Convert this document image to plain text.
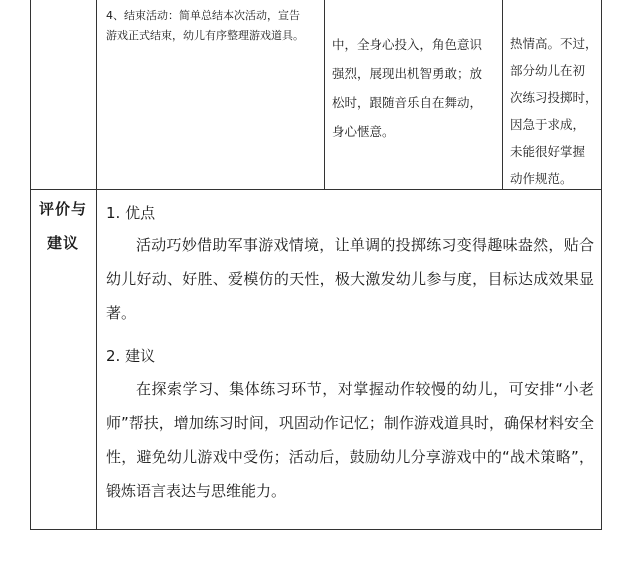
4、结束活动：简单总结本次活动，宣告
游戏正式结束，幼儿有序整理游戏道具。
中，全身心投入，角色意识
强烈，展现出机智勇敢；放
松时，跟随音乐自在舞动，
身心惬意。
热情高。不过，
部分幼儿在初
次练习投掷时，
因急于求成，
未能很好掌握
动作规范。
评价与
建议
1. 优点
活动巧妙借助军事游戏情境，让单调的投掷练习变得趣味盎然，贴合幼儿好动、好胜、爱模仿的天性，极大激发幼儿参与度，目标达成效果显著。
2. 建议
在探索学习、集体练习环节，对掌握动作较慢的幼儿，可安排“小老师”帮扶，增加练习时间，巩固动作记忆；制作游戏道具时，确保材料安全性，避免幼儿游戏中受伤；活动后，鼓励幼儿分享游戏中的“战术策略”，锻炼语言表达与思维能力。
